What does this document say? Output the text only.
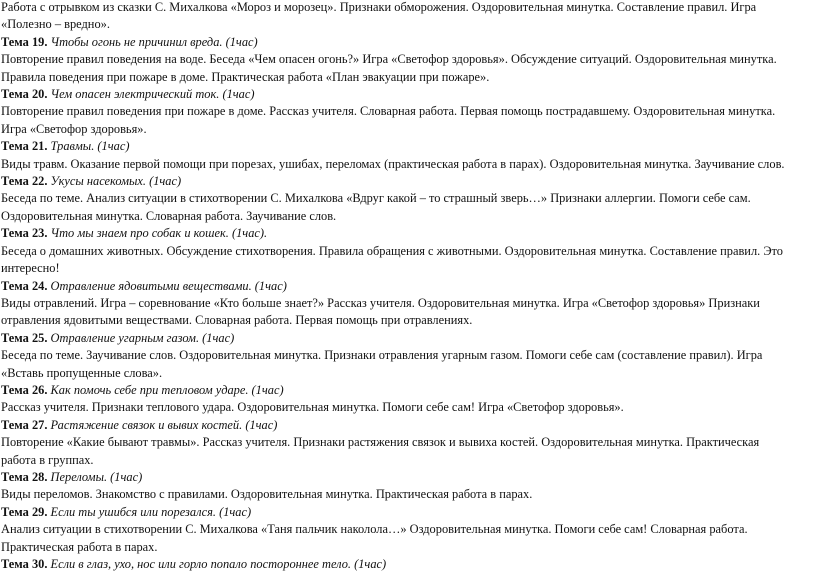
Работа с отрывком из сказки С. Михалкова «Мороз и морозец». Признаки обморожения. Оздоровительная минутка. Составление правил. Игра
«Полезно – вредно».
Тема 19. Чтобы огонь не причинил вреда. (1час)
Повторение правил поведения на воде. Беседа «Чем опасен огонь?» Игра «Светофор здоровья». Обсуждение ситуаций. Оздоровительная минутка.
Правила поведения при пожаре в доме. Практическая работа «План эвакуации при пожаре».
Тема 20. Чем опасен электрический ток. (1час)
Повторение правил поведения при пожаре в доме. Рассказ учителя. Словарная работа. Первая помощь пострадавшему. Оздоровительная минутка.
Игра «Светофор здоровья».
Тема 21. Травмы. (1час)
Виды травм. Оказание первой помощи при порезах, ушибах, переломах (практическая работа в парах). Оздоровительная минутка. Заучивание слов.
Тема 22. Укусы насекомых. (1час)
Беседа по теме. Анализ ситуации в стихотворении С. Михалкова «Вдруг какой – то страшный зверь…» Признаки аллергии. Помоги себе сам.
Оздоровительная минутка. Словарная работа. Заучивание слов.
Тема 23. Что мы знаем про собак и кошек. (1час).
Беседа о домашних животных. Обсуждение стихотворения. Правила обращения с животными. Оздоровительная минутка. Составление правил. Это
интересно!
Тема 24. Отравление ядовитыми веществами. (1час)
Виды отравлений. Игра – соревнование «Кто больше знает?» Рассказ учителя. Оздоровительная минутка. Игра «Светофор здоровья» Признаки
отравления ядовитыми веществами. Словарная работа. Первая помощь при отравлениях.
Тема 25. Отравление угарным газом. (1час)
Беседа по теме. Заучивание слов. Оздоровительная минутка. Признаки отравления угарным газом. Помоги себе сам (составление правил). Игра
«Вставь пропущенные слова».
Тема 26. Как помочь себе при тепловом ударе. (1час)
Рассказ учителя. Признаки теплового удара. Оздоровительная минутка. Помоги себе сам! Игра «Светофор здоровья».
Тема 27. Растяжение связок и вывих костей. (1час)
Повторение «Какие бывают травмы». Рассказ учителя. Признаки растяжения связок и вывиха костей. Оздоровительная минутка. Практическая
работа в группах.
Тема 28. Переломы. (1час)
Виды переломов. Знакомство с правилами. Оздоровительная минутка. Практическая работа в парах.
Тема 29. Если ты ушибся или порезался. (1час)
Анализ ситуации в стихотворении С. Михалкова «Таня пальчик наколола…» Оздоровительная минутка. Помоги себе сам! Словарная работа.
Практическая работа в парах.
Тема 30. Если в глаз, ухо, нос или горло попало постороннее тело. (1час)
